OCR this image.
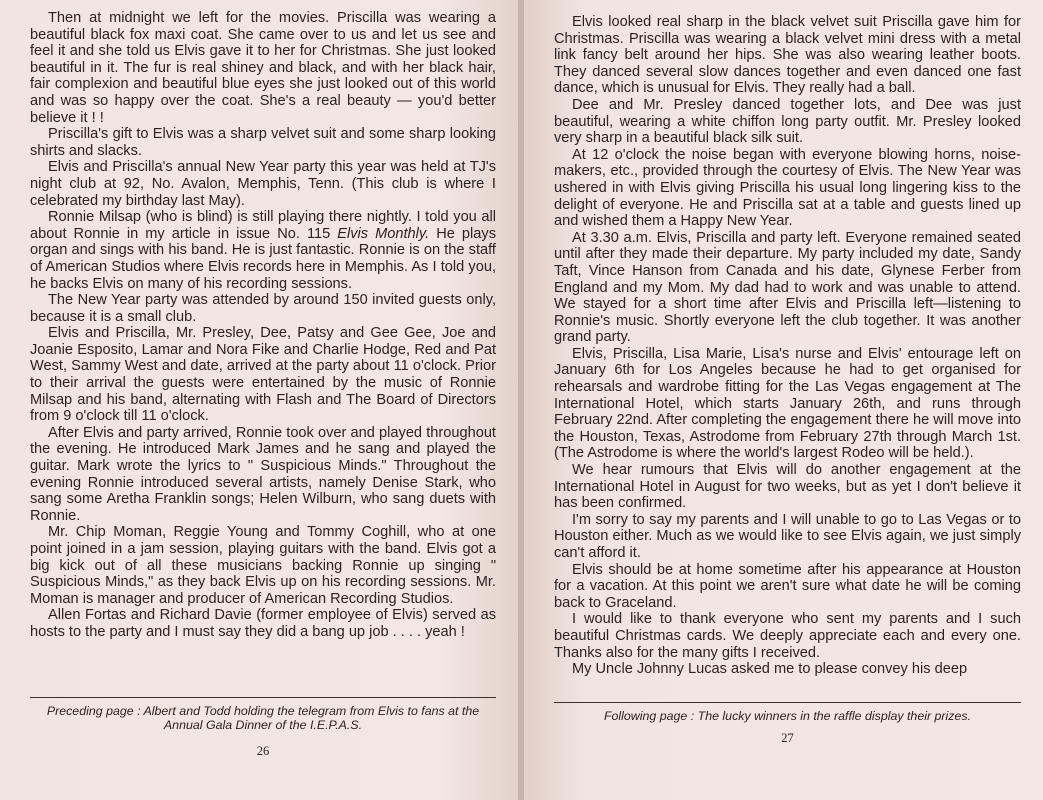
Then at midnight we left for the movies. Priscilla was wearing a beautiful black fox maxi coat. She came over to us and let us see and feel it and she told us Elvis gave it to her for Christmas. She just looked beautiful in it. The fur is real shiney and black, and with her black hair, fair complexion and beautiful blue eyes she just looked out of this world and was so happy over the coat. She's a real beauty — you'd better believe it ! !

Priscilla's gift to Elvis was a sharp velvet suit and some sharp looking shirts and slacks.

Elvis and Priscilla's annual New Year party this year was held at TJ's night club at 92, No. Avalon, Memphis, Tenn. (This club is where I celebrated my birthday last May).

Ronnie Milsap (who is blind) is still playing there nightly. I told you all about Ronnie in my article in issue No. 115 Elvis Monthly. He plays organ and sings with his band. He is just fantastic. Ronnie is on the staff of American Studios where Elvis records here in Memphis. As I told you, he backs Elvis on many of his recording sessions.

The New Year party was attended by around 150 invited guests only, because it is a small club.

Elvis and Priscilla, Mr. Presley, Dee, Patsy and Gee Gee, Joe and Joanie Esposito, Lamar and Nora Fike and Charlie Hodge, Red and Pat West, Sammy West and date, arrived at the party about 11 o'clock. Prior to their arrival the guests were entertained by the music of Ronnie Milsap and his band, alternating with Flash and The Board of Directors from 9 o'clock till 11 o'clock.

After Elvis and party arrived, Ronnie took over and played throughout the evening. He introduced Mark James and he sang and played the guitar. Mark wrote the lyrics to " Suspicious Minds." Throughout the evening Ronnie introduced several artists, namely Denise Stark, who sang some Aretha Franklin songs; Helen Wilburn, who sang duets with Ronnie.

Mr. Chip Moman, Reggie Young and Tommy Coghill, who at one point joined in a jam session, playing guitars with the band. Elvis got a big kick out of all these musicians backing Ronnie up singing " Suspicious Minds," as they back Elvis up on his recording sessions. Mr. Moman is manager and producer of American Recording Studios.

Allen Fortas and Richard Davie (former employee of Elvis) served as hosts to the party and I must say they did a bang up job . . . . yeah !

Preceding page : Albert and Todd holding the telegram from Elvis to fans at the Annual Gala Dinner of the I.E.P.A.S.

26

Elvis looked real sharp in the black velvet suit Priscilla gave him for Christmas. Priscilla was wearing a black velvet mini dress with a metal link fancy belt around her hips. She was also wearing leather boots. They danced several slow dances together and even danced one fast dance, which is unusual for Elvis. They really had a ball.

Dee and Mr. Presley danced together lots, and Dee was just beautiful, wearing a white chiffon long party outfit. Mr. Presley looked very sharp in a beautiful black silk suit.

At 12 o'clock the noise began with everyone blowing horns, noise-makers, etc., provided through the courtesy of Elvis. The New Year was ushered in with Elvis giving Priscilla his usual long lingering kiss to the delight of everyone. He and Priscilla sat at a table and guests lined up and wished them a Happy New Year.

At 3.30 a.m. Elvis, Priscilla and party left. Everyone remained seated until after they made their departure. My party included my date, Sandy Taft, Vince Hanson from Canada and his date, Glynese Ferber from England and my Mom. My dad had to work and was unable to attend. We stayed for a short time after Elvis and Priscilla left—listening to Ronnie's music. Shortly everyone left the club together. It was another grand party.

Elvis, Priscilla, Lisa Marie, Lisa's nurse and Elvis' entourage left on January 6th for Los Angeles because he had to get organised for rehearsals and wardrobe fitting for the Las Vegas engagement at The International Hotel, which starts January 26th, and runs through February 22nd. After completing the engagement there he will move into the Houston, Texas, Astrodome from February 27th through March 1st. (The Astrodome is where the world's largest Rodeo will be held.).

We hear rumours that Elvis will do another engagement at the International Hotel in August for two weeks, but as yet I don't believe it has been confirmed.

I'm sorry to say my parents and I will unable to go to Las Vegas or to Houston either. Much as we would like to see Elvis again, we just simply can't afford it.

Elvis should be at home sometime after his appearance at Houston for a vacation. At this point we aren't sure what date he will be coming back to Graceland.

I would like to thank everyone who sent my parents and I such beautiful Christmas cards. We deeply appreciate each and every one. Thanks also for the many gifts I received.

My Uncle Johnny Lucas asked me to please convey his deep

Following page : The lucky winners in the raffle display their prizes.

27
